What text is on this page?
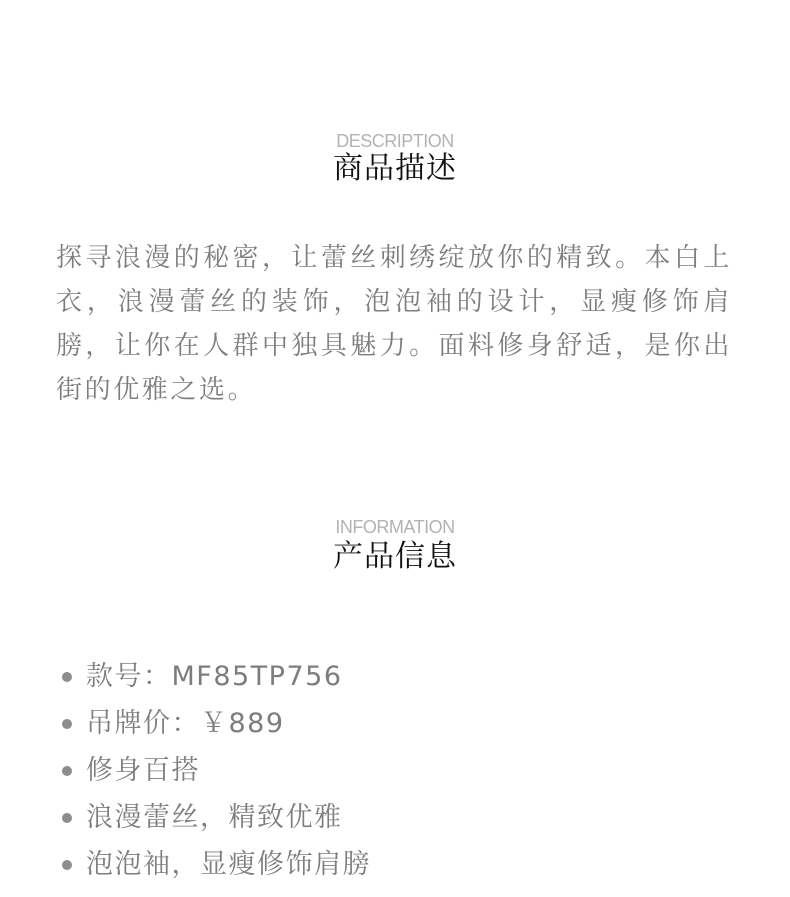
DESCRIPTION
商品描述

探寻浪漫的秘密，让蕾丝刺绣绽放你的精致。本白上衣，浪漫蕾丝的装饰，泡泡袖的设计，显瘦修饰肩膀，让你在人群中独具魅力。面料修身舒适，是你出街的优雅之选。

INFORMATION
产品信息
款号：MF85TP756
吊牌价：￥889
修身百搭
浪漫蕾丝，精致优雅
泡泡袖，显瘦修饰肩膀
